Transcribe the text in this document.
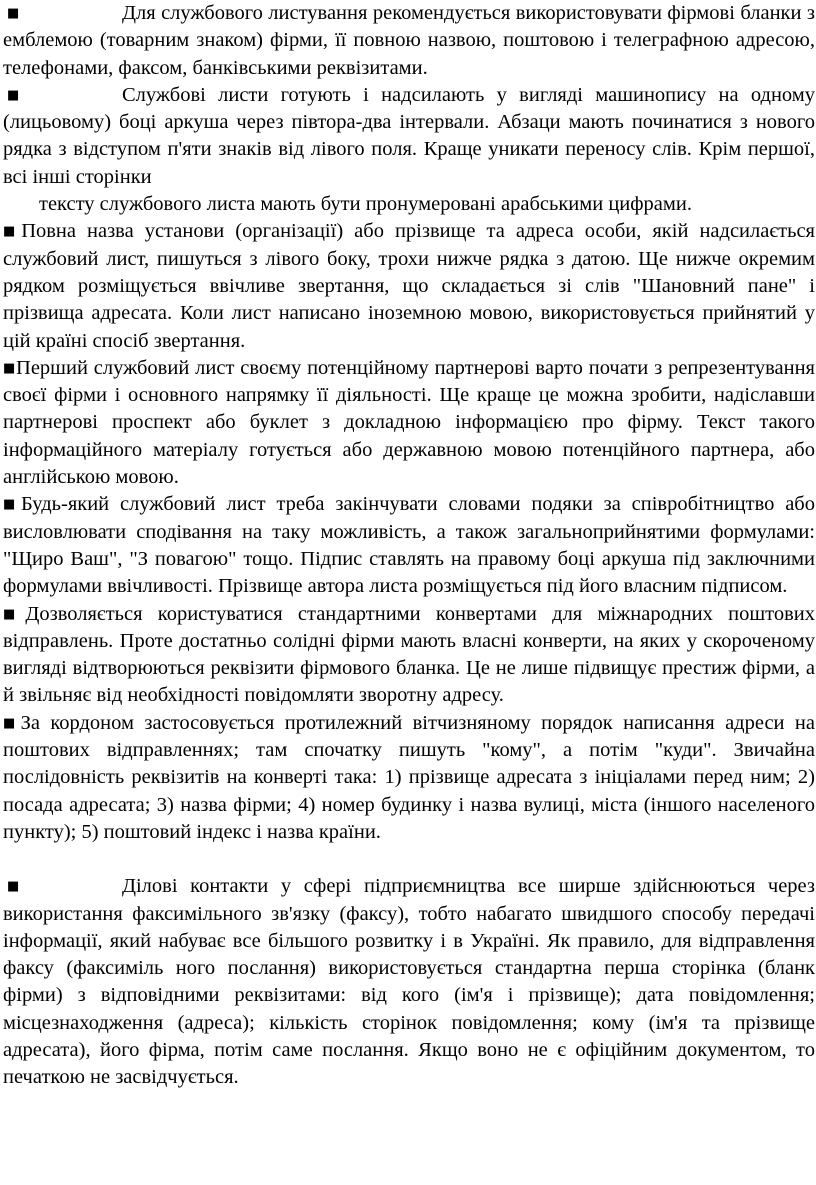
■	Для службового листування рекомендується використовувати фірмові бланки з емблемою (товарним знаком) фірми, її повною назвою, поштовою і телеграфною адресою, телефонами, факсом, банківськими реквізитами.

■	Службові листи готують і надсилають у вигляді машинопису на одному (лицьовому) боці аркуша через півтора-два інтервали. Абзаци мають починатися з нового рядка з відступом п'яти знаків від лівого поля. Краще уникати переносу слів. Крім першої, всі інші сторінки

тексту службового листа мають бути пронумеровані арабськими цифрами.

■Повна назва установи (організації) або прізвище та адреса особи, якій надсилається службовий лист, пишуться з лівого боку, трохи нижче рядка з датою. Ще нижче окремим рядком розміщується ввічливе звертання, що складається зі слів "Шановний пане" і прізвища адресата. Коли лист написано іноземною мовою, використовується прийнятий у цій країні спосіб звертання.

■Перший службовий лист своєму потенційному партнерові варто почати з репрезентування своєї фірми і основного напрямку її діяльності. Ще краще це можна зробити, надіславши партнерові проспект або буклет з докладною інформацією про фірму. Текст такого інформаційного матеріалу готується або державною мовою потенційного партнера, або англійською мовою.

■Будь-який службовий лист треба закінчувати словами подяки за співробітництво або висловлювати сподівання на таку можливість, а також загальноприйнятими формулами: "Щиро Ваш", "З повагою" тощо. Підпис ставлять на правому боці аркуша під заключними формулами ввічливості. Прізвище автора листа розміщується під його власним підписом.

■Дозволяється користуватися стандартними конвертами для міжнародних поштових відправлень. Проте достатньо солідні фірми мають власні конверти, на яких у скороченому вигляді відтворюються реквізити фірмового бланка. Це не лише підвищує престиж фірми, а й звільняє від необхідності повідомляти зворотну адресу.

■За кордоном застосовується протилежний вітчизняному порядок написання адреси на поштових відправленнях; там спочатку пишуть "кому", а потім "куди". Звичайна послідовність реквізитів на конверті така: 1) прізвище адресата з ініціалами перед ним; 2) посада адресата; 3) назва фірми; 4) номер будинку і назва вулиці, міста (іншого населеного пункту); 5) поштовий індекс і назва країни.

■	Ділові контакти у сфері підприємництва все ширше здійснюються через використання факсимільного зв'язку (факсу), тобто набагато швидшого способу передачі інформації, який набуває все більшого розвитку і в Україні. Як правило, для відправлення факсу (факсиміль ного послання) використовується стандартна перша сторінка (бланк фірми) з відповідними реквізитами: від кого (ім'я і прізвище); дата повідомлення; місцезнаходження (адреса); кількість сторінок повідомлення; кому (ім'я та прізвище адресата), його фірма, потім саме послання. Якщо воно не є офіційним документом, то печаткою не засвідчується.
